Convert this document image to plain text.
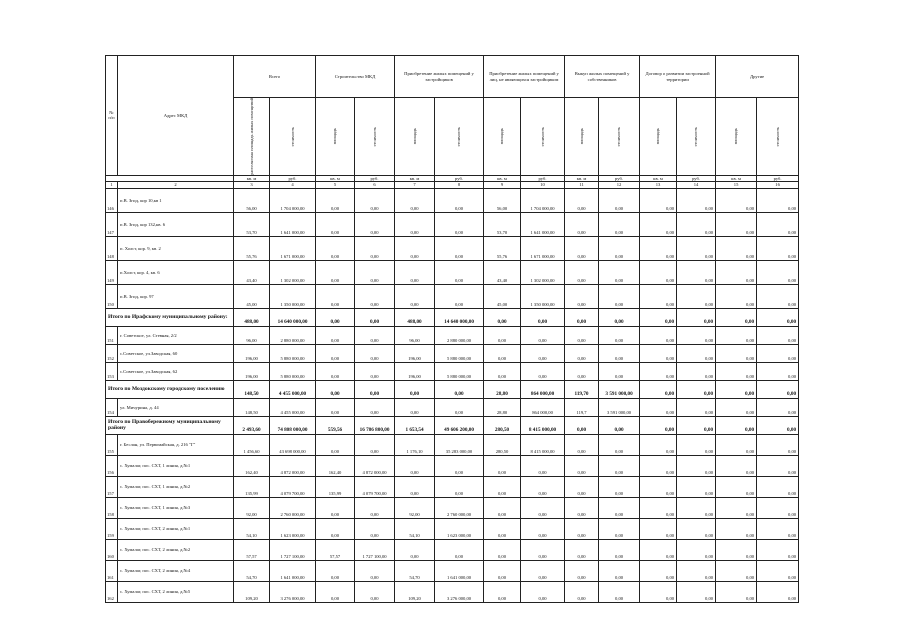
№ п/п	Адрес МКД	Всего		Строительство МКД		Приобретение жилых помещений у застройщиков		Приобретение жилых помещений у лиц, не являющихся застройщиком		Выкуп жилых помещений у собственников		Договор о развитии застроенной территории		Другие	

		расселяемая площадь жилых помещений	стоимость	площадь	стоимость	площадь	стоимость	площадь	стоимость	площадь	стоимость	площадь	стоимость	площадь	стоимость

		кв. м	руб.	кв. м	руб.	кв. м	руб.	кв. м	руб.	кв. м	руб.	кв. м	руб.	кв. м	руб.
1	2	3	4	5	6	7	8	9	10	11	12	13	14	15	16
146	п.В. Згид, кор 10,кв 1	56,00	1 704 000,00	0,00	0,00	0,00	0,00	56,00	1 704 000,00	0,00	0,00	0,00	0,00	0,00	0,00
147	п.В. Згид, кор 132,кв. 6	53,70	1 641 000,00	0,00	0,00	0,00	0,00	53,70	1 641 000,00	0,00	0,00	0,00	0,00	0,00	0,00
148	п. Холст, кор. 9, кв. 2	55,76	1 671 000,00	0,00	0,00	0,00	0,00	55,76	1 671 000,00	0,00	0,00	0,00	0,00	0,00	0,00
149	п.Холст, кор. 4, кв. 6	43,40	1 302 000,00	0,00	0,00	0,00	0,00	43,40	1 302 000,00	0,00	0,00	0,00	0,00	0,00	0,00
150	п.В. Згид, кор. 97	45,00	1 350 000,00	0,00	0,00	0,00	0,00	45,00	1 350 000,00	0,00	0,00	0,00	0,00	0,00	0,00
Итого по Ирафскому муниципальному району:		488,00	14 640 000,00	0,00	0,00	488,00	14 640 000,00	0,00	0,00	0,00	0,00	0,00	0,00	0,00	0,00
151	г. Советское, ул. Стевная, 2/2	96,00	2 880 000,00	0,00	0,00	96,00	2 880 000,00	0,00	0,00	0,00	0,00	0,00	0,00	0,00	0,00
152	с.Советское, ул.Заводская, 60	196,00	5 880 000,00	0,00	0,00	196,00	5 880 000,00	0,00	0,00	0,00	0,00	0,00	0,00	0,00	0,00
153	с.Советское, ул.Заводская, 62	196,00	5 880 000,00	0,00	0,00	196,00	5 880 000,00	0,00	0,00	0,00	0,00	0,00	0,00	0,00	0,00
Итого по Моздокскому городскому поселению		148,50	4 455 000,00	0,00	0,00	0,00	0,00	28,80	864 000,00	119,70	3 591 000,00	0,00	0,00	0,00	0,00
154	ул. Мичурина, д. 44	148,50	4 455 000,00	0,00	0,00	0,00	0,00	28,80	864 000,00	119,7	3 591 000,00	0,00	0,00	0,00	0,00
Итого по Правобережному муниципальному району		2 493,60	74 808 000,00	559,56	16 786 800,00	1 653,54	49 606 200,00	280,50	8 415 000,00	0,00	0,00	0,00	0,00	0,00	0,00
155	г. Беслан, ул. Первомайская, д. 216 "Г"	1 456,60	43 698 000,00	0,00	0,00	1 176,10	35 283 000,00	280,50	8 415 000,00	0,00	0,00	0,00	0,00	0,00	0,00
156	с. Хумалаг, пос. СХТ, 1 линия, д.№1	162,40	4 872 000,00	162,40	4 872 000,00	0,00	0,00	0,00	0,00	0,00	0,00	0,00	0,00	0,00	0,00
157	с. Хумалаг, пос. СХТ, 1 линия, д.№2	135,99	4 079 700,00	135,99	4 079 700,00	0,00	0,00	0,00	0,00	0,00	0,00	0,00	0,00	0,00	0,00
158	с. Хумалаг, пос. СХТ, 1 линия, д.№3	92,00	2 760 000,00	0,00	0,00	92,00	2 760 000,00	0,00	0,00	0,00	0,00	0,00	0,00	0,00	0,00
159	с. Хумалаг, пос. СХТ, 2 линия, д.№1	54,10	1 623 000,00	0,00	0,00	54,10	1 623 000,00	0,00	0,00	0,00	0,00	0,00	0,00	0,00	0,00
160	с. Хумалаг, пос. СХТ, 2 линия, д.№2	57,57	1 727 100,00	57,57	1 727 100,00	0,00	0,00	0,00	0,00	0,00	0,00	0,00	0,00	0,00	0,00
161	с. Хумалаг, пос. СХТ, 2 линия, д.№4	54,70	1 641 000,00	0,00	0,00	54,70	1 641 000,00	0,00	0,00	0,00	0,00	0,00	0,00	0,00	0,00
162	с. Хумалаг, пос. СХТ, 2 линия, д.№5	109,20	3 276 000,00	0,00	0,00	109,20	3 276 000,00	0,00	0,00	0,00	0,00	0,00	0,00	0,00	0,00
